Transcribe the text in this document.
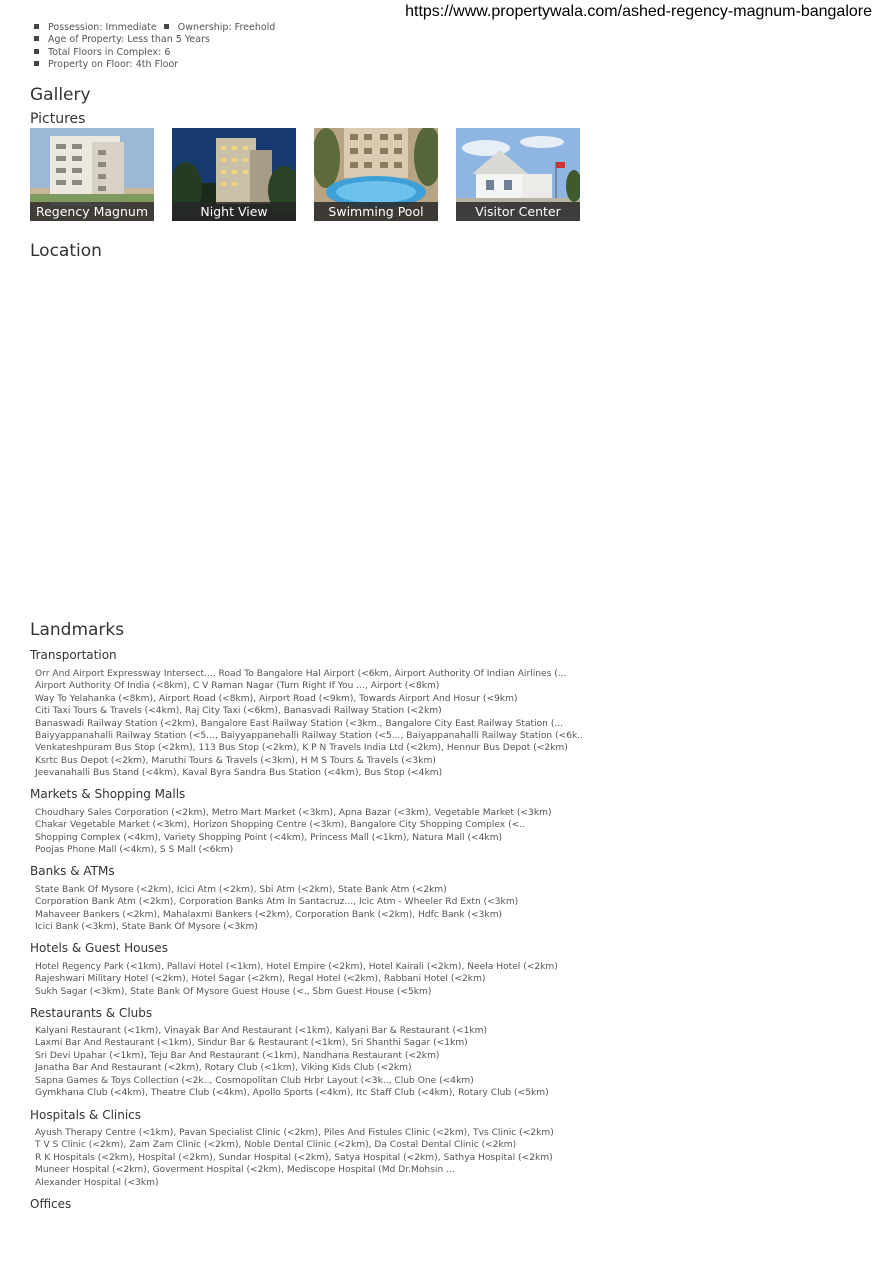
https://www.propertywala.com/ashed-regency-magnum-bangalore
Possession: Immediate Ownership: Freehold
Age of Property: Less than 5 Years
Total Floors in Complex: 6
Property on Floor: 4th Floor
Gallery
Pictures
Regency Magnum	Night View	Swimming Pool	Visitor Center
Location
Landmarks
Transportation
Orr And Airport Expressway Intersect... , Road To Bangalore Hal Airport (<6km , Airport Authority Of Indian Airlines (...
Airport Authority Of India (<8km) , C V Raman Nagar (Turn Right If You ... , Airport (<8km)
Way To Yelahanka (<8km) , Airport Road (<8km) , Airport Road (<9km) , Towards Airport And Hosur (<9km)
Citi Taxi Tours & Travels (<4km) , Raj City Taxi (<6km) , Banasvadi Railway Station (<2km)
Banaswadi Railway Station (<2km) , Bangalore East Railway Station (<3km. , Bangalore City East Railway Station (...
Baiyyappanahalli Railway Station (<5... , Baiyyappanehalli Railway Station (<5... , Baiyappanahalli Railway Station (<6k..
Venkateshpuram Bus Stop (<2km) , 113 Bus Stop (<2km) , K P N Travels India Ltd (<2km) , Hennur Bus Depot (<2km)
Ksrtc Bus Depot (<2km) , Maruthi Tours & Travels (<3km) , H M S Tours & Travels (<3km)
Jeevanahalli Bus Stand (<4km) , Kaval Byra Sandra Bus Station (<4km) , Bus Stop (<4km)
Markets & Shopping Malls
Choudhary Sales Corporation (<2km) , Metro Mart Market (<3km) , Apna Bazar (<3km) , Vegetable Market (<3km)
Chakar Vegetable Market (<3km) , Horizon Shopping Centre (<3km) , Bangalore City Shopping Complex (<..
Shopping Complex (<4km) , Variety Shopping Point (<4km) , Princess Mall (<1km) , Natura Mall (<4km)
Poojas Phone Mall (<4km) , S S Mall (<6km)
Banks & ATMs
State Bank Of Mysore (<2km) , Icici Atm (<2km) , Sbi Atm (<2km) , State Bank Atm (<2km)
Corporation Bank Atm (<2km) , Corporation Banks Atm In Santacruz... , Icic Atm - Wheeler Rd Extn (<3km)
Mahaveer Bankers (<2km) , Mahalaxmi Bankers (<2km) , Corporation Bank (<2km) , Hdfc Bank (<3km)
Icici Bank (<3km) , State Bank Of Mysore (<3km)
Hotels & Guest Houses
Hotel Regency Park (<1km) , Pallavi Hotel (<1km) , Hotel Empire (<2km) , Hotel Kairali (<2km) , Neela Hotel (<2km)
Rajeshwari Military Hotel (<2km) , Hotel Sagar (<2km) , Regal Hotel (<2km) , Rabbani Hotel (<2km)
Sukh Sagar (<3km) , State Bank Of Mysore Guest House (<. , Sbm Guest House (<5km)
Restaurants & Clubs
Kalyani Restaurant (<1km) , Vinayak Bar And Restaurant (<1km) , Kalyani Bar & Restaurant (<1km)
Laxmi Bar And Restaurant (<1km) , Sindur Bar & Restaurant (<1km) , Sri Shanthi Sagar (<1km)
Sri Devi Upahar (<1km) , Teju Bar And Restaurant (<1km) , Nandhana Restaurant (<2km)
Janatha Bar And Restaurant (<2km) , Rotary Club (<1km) , Viking Kids Club (<2km)
Sapna Games & Toys Collection (<2k.. , Cosmopolitan Club Hrbr Layout (<3k.. , Club One (<4km)
Gymkhana Club (<4km) , Theatre Club (<4km) , Apollo Sports (<4km) , Itc Staff Club (<4km) , Rotary Club (<5km)
Hospitals & Clinics
Ayush Therapy Centre (<1km) , Pavan Specialist Clinic (<2km) , Piles And Fistules Clinic (<2km) , Tvs Clinic (<2km)
T V S Clinic (<2km) , Zam Zam Clinic (<2km) , Noble Dental Clinic (<2km) , Da Costal Dental Clinic (<2km)
R K Hospitals (<2km) , Hospital (<2km) , Sundar Hospital (<2km) , Satya Hospital (<2km) , Sathya Hospital (<2km)
Muneer Hospital (<2km) , Goverment Hospital (<2km) , Mediscope Hospital (Md Dr.Mohsin ...
Alexander Hospital (<3km)
Offices
